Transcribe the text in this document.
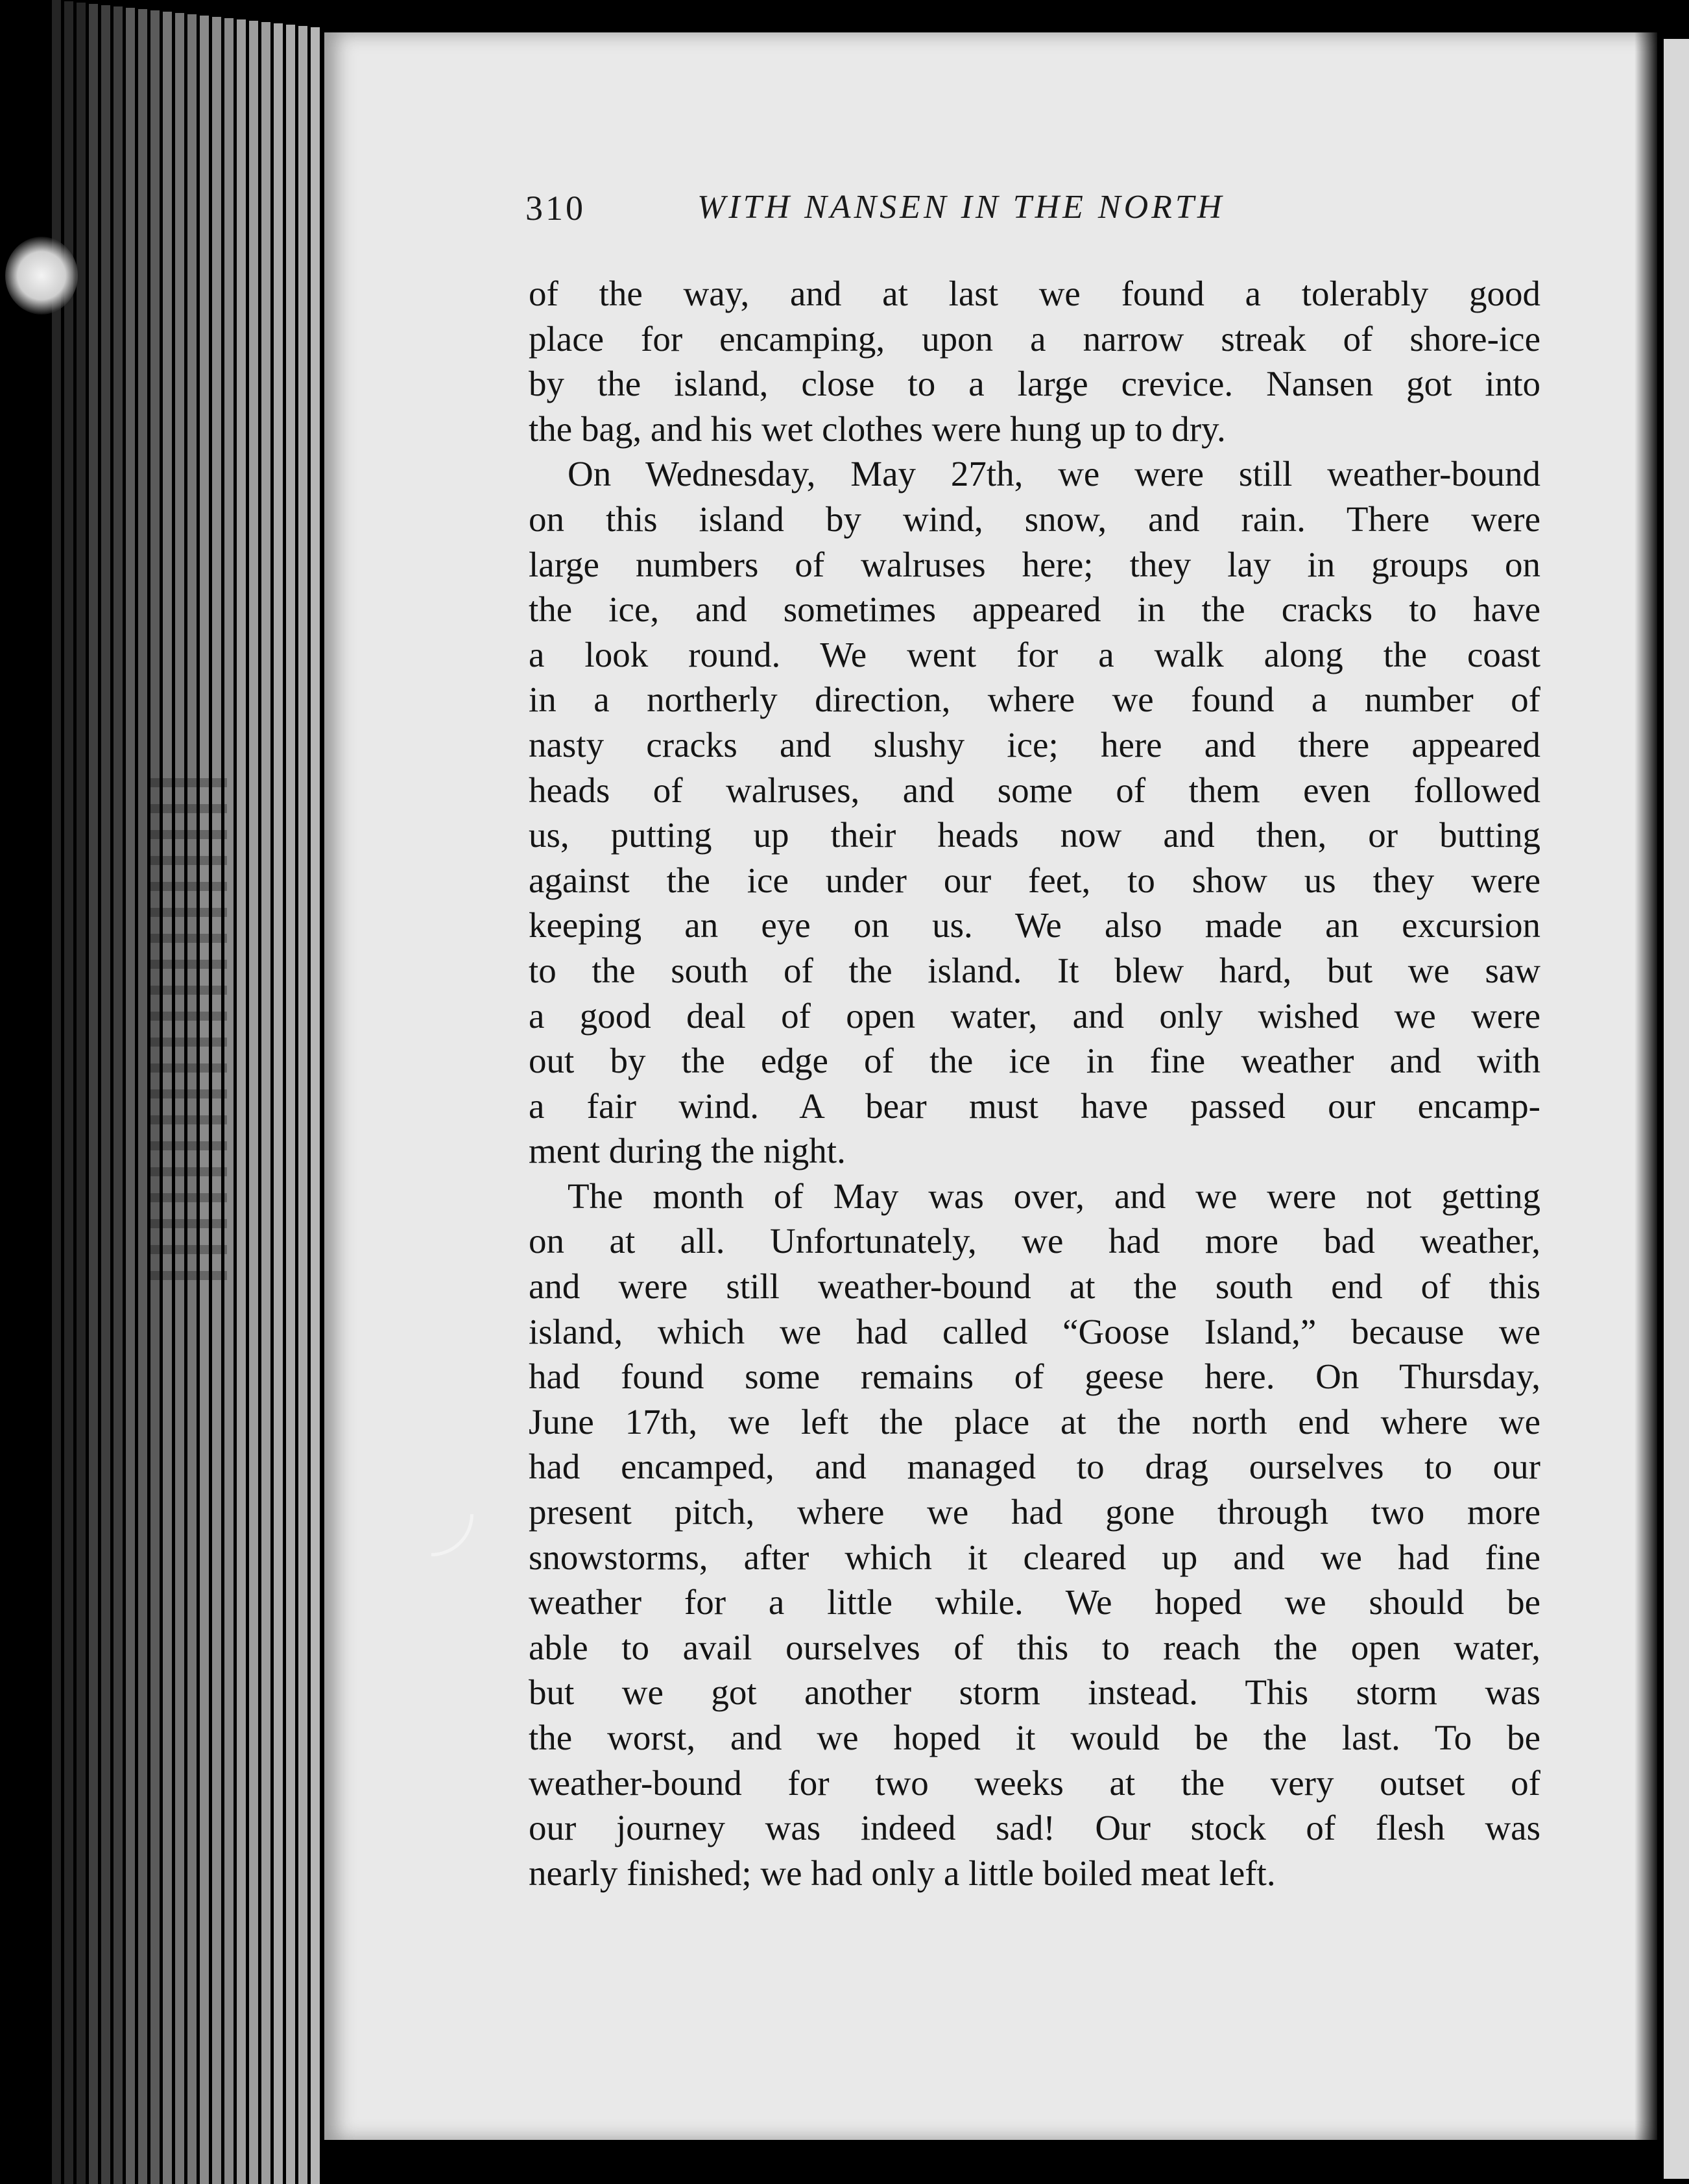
310	WITH NANSEN IN THE NORTH
of the way, and at last we found a tolerably good
place for encamping, upon a narrow streak of shore-ice
by the island, close to a large crevice. Nansen got into
the bag, and his wet clothes were hung up to dry.
On Wednesday, May 27th, we were still weather-bound
on this island by wind, snow, and rain. There were
large numbers of walruses here; they lay in groups on
the ice, and sometimes appeared in the cracks to have
a look round. We went for a walk along the coast
in a northerly direction, where we found a number of
nasty cracks and slushy ice; here and there appeared
heads of walruses, and some of them even followed
us, putting up their heads now and then, or butting
against the ice under our feet, to show us they were
keeping an eye on us. We also made an excursion
to the south of the island. It blew hard, but we saw
a good deal of open water, and only wished we were
out by the edge of the ice in fine weather and with
a fair wind. A bear must have passed our encamp-
ment during the night.
The month of May was over, and we were not getting
on at all. Unfortunately, we had more bad weather,
and were still weather-bound at the south end of this
island, which we had called “Goose Island,” because we
had found some remains of geese here. On Thursday,
June 17th, we left the place at the north end where we
had encamped, and managed to drag ourselves to our
present pitch, where we had gone through two more
snowstorms, after which it cleared up and we had fine
weather for a little while. We hoped we should be
able to avail ourselves of this to reach the open water,
but we got another storm instead. This storm was
the worst, and we hoped it would be the last. To be
weather-bound for two weeks at the very outset of
our journey was indeed sad! Our stock of flesh was
nearly finished; we had only a little boiled meat left.
